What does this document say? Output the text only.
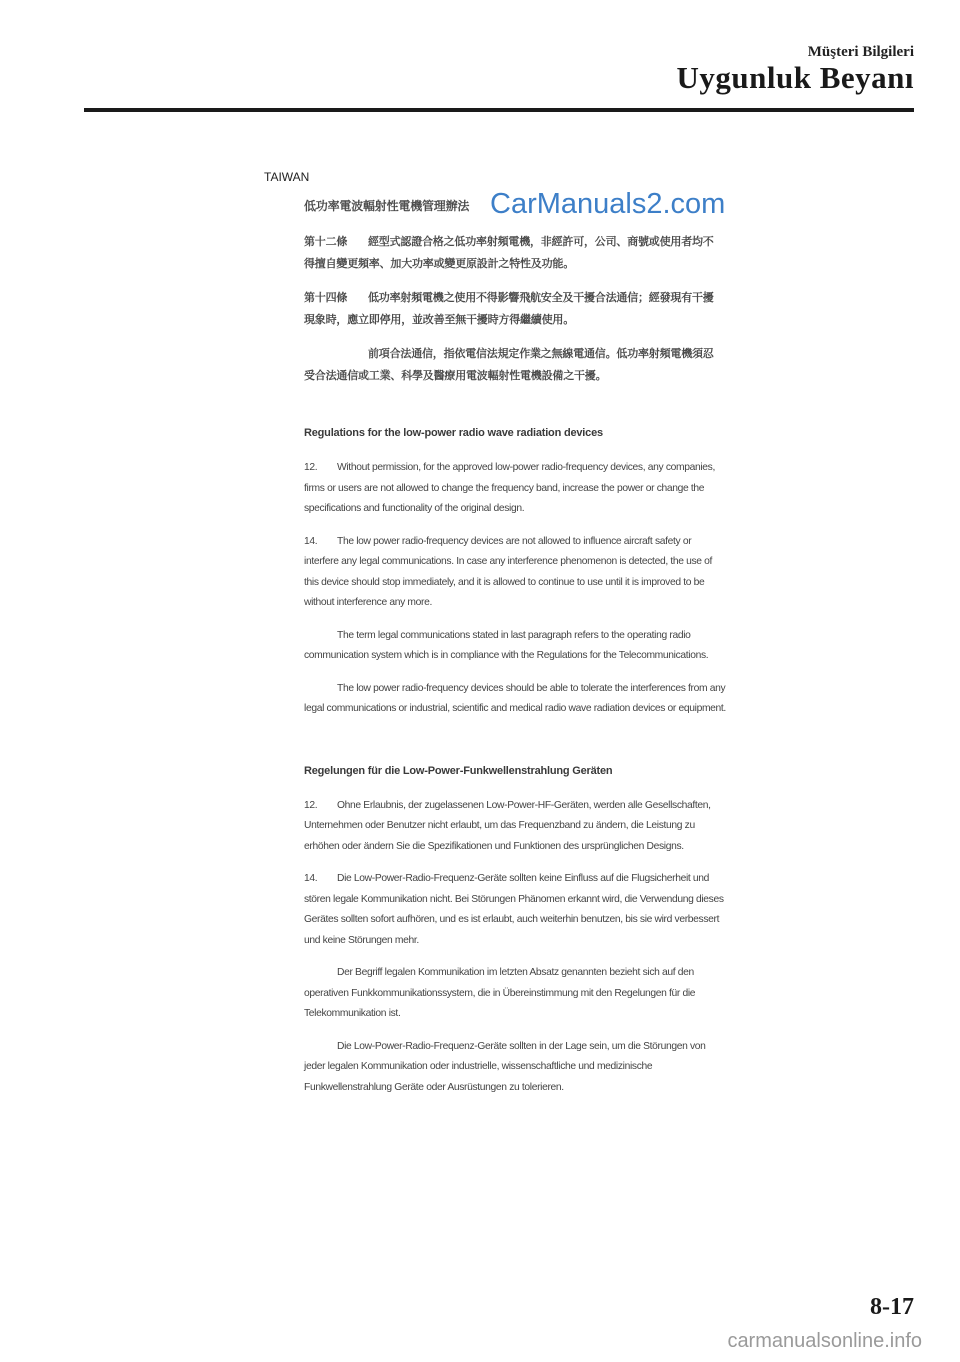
Müşteri Bilgileri
Uygunluk Beyanı
TAIWAN
CarManuals2.com
低功率電波輻射性電機管理辦法

第十二條 經型式認證合格之低功率射頻電機，非經許可，公司、商號或使用者均不得擅自變更頻率、加大功率或變更原設計之特性及功能。

第十四條 低功率射頻電機之使用不得影響飛航安全及干擾合法通信；經發現有干擾現象時，應立即停用，並改善至無干擾時方得繼續使用。

前項合法通信，指依電信法規定作業之無線電通信。低功率射頻電機須忍受合法通信或工業、科學及醫療用電波輻射性電機設備之干擾。

Regulations for the low-power radio wave radiation devices

12. Without permission, for the approved low-power radio-frequency devices, any companies, firms or users are not allowed to change the frequency band, increase the power or change the specifications and functionality of the original design.

14. The low power radio-frequency devices are not allowed to influence aircraft safety or interfere any legal communications. In case any interference phenomenon is detected, the use of this device should stop immediately, and it is allowed to continue to use until it is improved to be without interference any more.

The term legal communications stated in last paragraph refers to the operating radio communication system which is in compliance with the Regulations for the Telecommunications.

The low power radio-frequency devices should be able to tolerate the interferences from any legal communications or industrial, scientific and medical radio wave radiation devices or equipment.

Regelungen für die Low-Power-Funkwellenstrahlung Geräten

12. Ohne Erlaubnis, der zugelassenen Low-Power-HF-Geräten, werden alle Gesellschaften, Unternehmen oder Benutzer nicht erlaubt, um das Frequenzband zu ändern, die Leistung zu erhöhen oder ändern Sie die Spezifikationen und Funktionen des ursprünglichen Designs.

14. Die Low-Power-Radio-Frequenz-Geräte sollten keine Einfluss auf die Flugsicherheit und stören legale Kommunikation nicht. Bei Störungen Phänomen erkannt wird, die Verwendung dieses Gerätes sollten sofort aufhören, und es ist erlaubt, auch weiterhin benutzen, bis sie wird verbessert und keine Störungen mehr.

Der Begriff legalen Kommunikation im letzten Absatz genannten bezieht sich auf den operativen Funkkommunikationssystem, die in Übereinstimmung mit den Regelungen für die Telekommunikation ist.

Die Low-Power-Radio-Frequenz-Geräte sollten in der Lage sein, um die Störungen von jeder legalen Kommunikation oder industrielle, wissenschaftliche und medizinische Funkwellenstrahlung Geräte oder Ausrüstungen zu tolerieren.

8-17
carmanualsonline.info
